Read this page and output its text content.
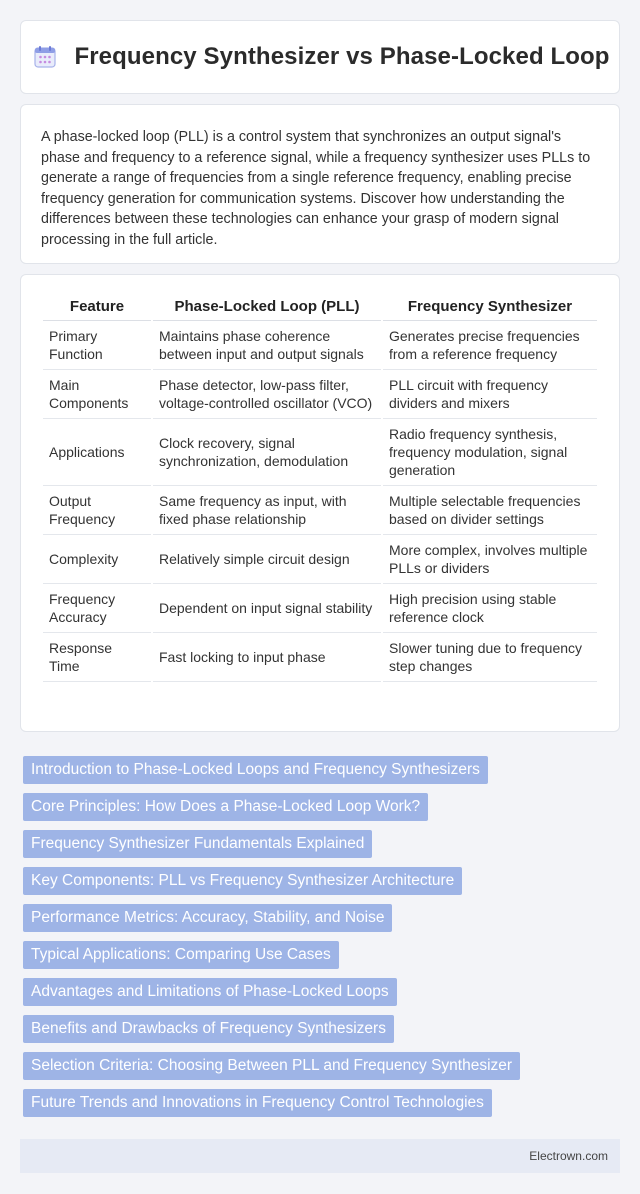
Frequency Synthesizer vs Phase-Locked Loop

A phase-locked loop (PLL) is a control system that synchronizes an output signal's phase and frequency to a reference signal, while a frequency synthesizer uses PLLs to generate a range of frequencies from a single reference frequency, enabling precise frequency generation for communication systems. Discover how understanding the differences between these technologies can enhance your grasp of modern signal processing in the full article.

Feature	Phase-Locked Loop (PLL)	Frequency Synthesizer
Primary Function	Maintains phase coherence between input and output signals	Generates precise frequencies from a reference frequency
Main Components	Phase detector, low-pass filter, voltage-controlled oscillator (VCO)	PLL circuit with frequency dividers and mixers
Applications	Clock recovery, signal synchronization, demodulation	Radio frequency synthesis, frequency modulation, signal generation
Output Frequency	Same frequency as input, with fixed phase relationship	Multiple selectable frequencies based on divider settings
Complexity	Relatively simple circuit design	More complex, involves multiple PLLs or dividers
Frequency Accuracy	Dependent on input signal stability	High precision using stable reference clock
Response Time	Fast locking to input phase	Slower tuning due to frequency step changes
Introduction to Phase-Locked Loops and Frequency Synthesizers
Core Principles: How Does a Phase-Locked Loop Work?
Frequency Synthesizer Fundamentals Explained
Key Components: PLL vs Frequency Synthesizer Architecture
Performance Metrics: Accuracy, Stability, and Noise
Typical Applications: Comparing Use Cases
Advantages and Limitations of Phase-Locked Loops
Benefits and Drawbacks of Frequency Synthesizers
Selection Criteria: Choosing Between PLL and Frequency Synthesizer
Future Trends and Innovations in Frequency Control Technologies
Electrown.com
